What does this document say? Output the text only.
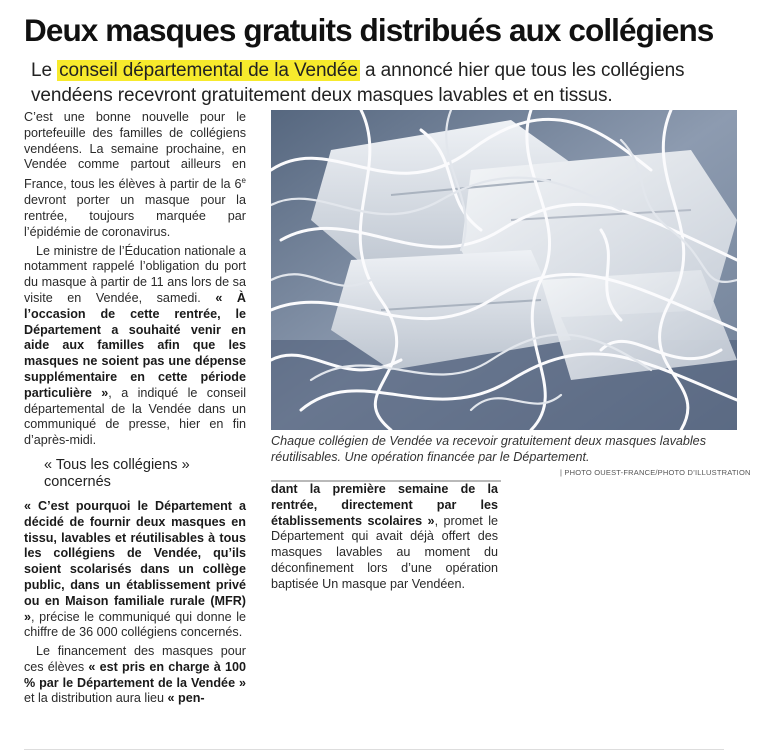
Deux masques gratuits distribués aux collégiens

Le conseil départemental de la Vendée a annoncé hier que tous les collégiens vendéens recevront gratuitement deux masques lavables et en tissus.

C’est une bonne nouvelle pour le portefeuille des familles de collégiens vendéens. La semaine prochaine, en Vendée comme partout ailleurs en France, tous les élèves à partir de la 6e devront porter un masque pour la rentrée, toujours marquée par l’épidémie de coronavirus.

Le ministre de l’Éducation nationale a notamment rappelé l’obligation du port du masque à partir de 11 ans lors de sa visite en Vendée, samedi. « À l’occasion de cette rentrée, le Département a souhaité venir en aide aux familles afin que les masques ne soient pas une dépense supplémentaire en cette période particulière », a indiqué le conseil départemental de la Vendée dans un communiqué de presse, hier en fin d’après-midi.

« Tous les collégiens » concernés

« C’est pourquoi le Département a décidé de fournir deux masques en tissu, lavables et réutilisables à tous les collégiens de Vendée, qu’ils soient scolarisés dans un collège public, dans un établissement privé ou en Maison familiale rurale (MFR) », précise le communiqué qui donne le chiffre de 36 000 collégiens concernés.

Le financement des masques pour ces élèves « est pris en charge à 100 % par le Département de la Vendée » et la distribution aura lieu « pen-

Chaque collégien de Vendée va recevoir gratuitement deux masques lavables réutilisables. Une opération financée par le Département.

| PHOTO OUEST-FRANCE/PHOTO D’ILLUSTRATION

dant la première semaine de la rentrée, directement par les établissements scolaires », promet le Département qui avait déjà offert des masques lavables au moment du déconfinement lors d’une opération baptisée Un masque par Vendéen.
